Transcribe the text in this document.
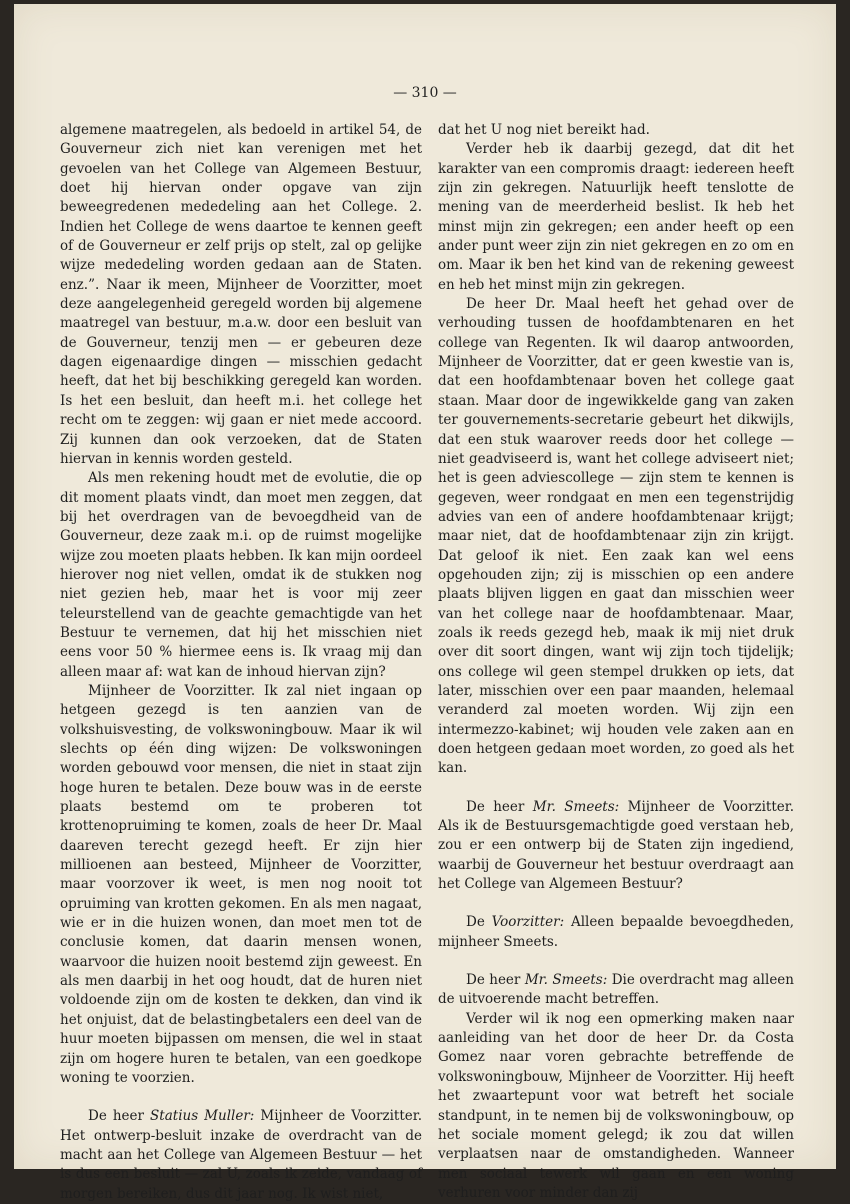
— 310 —

algemene maatregelen, als bedoeld in artikel 54, de Gouverneur zich niet kan verenigen met het gevoelen van het College van Algemeen Bestuur, doet hij hiervan onder opgave van zijn beweegredenen mededeling aan het College. 2. Indien het College de wens daartoe te kennen geeft of de Gouverneur er zelf prijs op stelt, zal op gelijke wijze mededeling worden gedaan aan de Staten. enz.”. Naar ik meen, Mijnheer de Voorzitter, moet deze aangelegenheid geregeld worden bij algemene maatregel van bestuur, m.a.w. door een besluit van de Gouverneur, tenzij men — er gebeuren deze dagen eigenaardige dingen — misschien gedacht heeft, dat het bij beschikking geregeld kan worden. Is het een besluit, dan heeft m.i. het college het recht om te zeggen: wij gaan er niet mede accoord. Zij kunnen dan ook verzoeken, dat de Staten hiervan in kennis worden gesteld.

Als men rekening houdt met de evolutie, die op dit moment plaats vindt, dan moet men zeggen, dat bij het overdragen van de bevoegdheid van de Gouverneur, deze zaak m.i. op de ruimst mogelijke wijze zou moeten plaats hebben. Ik kan mijn oordeel hierover nog niet vellen, omdat ik de stukken nog niet gezien heb, maar het is voor mij zeer teleurstellend van de geachte gemachtigde van het Bestuur te vernemen, dat hij het misschien niet eens voor 50 % hiermee eens is. Ik vraag mij dan alleen maar af: wat kan de inhoud hiervan zijn?

Mijnheer de Voorzitter. Ik zal niet ingaan op hetgeen gezegd is ten aanzien van de volkshuisvesting, de volkswoningbouw. Maar ik wil slechts op één ding wijzen: De volkswoningen worden gebouwd voor mensen, die niet in staat zijn hoge huren te betalen. Deze bouw was in de eerste plaats bestemd om te proberen tot krottenopruiming te komen, zoals de heer Dr. Maal daareven terecht gezegd heeft. Er zijn hier millioenen aan besteed, Mijnheer de Voorzitter, maar voorzover ik weet, is men nog nooit tot opruiming van krotten gekomen. En als men nagaat, wie er in die huizen wonen, dan moet men tot de conclusie komen, dat daarin mensen wonen, waarvoor die huizen nooit bestemd zijn geweest. En als men daarbij in het oog houdt, dat de huren niet voldoende zijn om de kosten te dekken, dan vind ik het onjuist, dat de belastingbetalers een deel van de huur moeten bijpassen om mensen, die wel in staat zijn om hogere huren te betalen, van een goedkope woning te voorzien.

De heer Statius Muller: Mijnheer de Voorzitter. Het ontwerp-besluit inzake de overdracht van de macht aan het College van Algemeen Bestuur — het is dus een besluit — zal U, zoals ik zeide, vandaag of morgen bereiken, dus dit jaar nog. Ik wist niet,

dat het U nog niet bereikt had.

Verder heb ik daarbij gezegd, dat dit het karakter van een compromis draagt: iedereen heeft zijn zin gekregen. Natuurlijk heeft tenslotte de mening van de meerderheid beslist. Ik heb het minst mijn zin gekregen; een ander heeft op een ander punt weer zijn zin niet gekregen en zo om en om. Maar ik ben het kind van de rekening geweest en heb het minst mijn zin gekregen.

De heer Dr. Maal heeft het gehad over de verhouding tussen de hoofdambtenaren en het college van Regenten. Ik wil daarop antwoorden, Mijnheer de Voorzitter, dat er geen kwestie van is, dat een hoofdambtenaar boven het college gaat staan. Maar door de ingewikkelde gang van zaken ter gouvernements-secretarie gebeurt het dikwijls, dat een stuk waarover reeds door het college — niet geadviseerd is, want het college adviseert niet; het is geen adviescollege — zijn stem te kennen is gegeven, weer rondgaat en men een tegenstrijdig advies van een of andere hoofdambtenaar krijgt; maar niet, dat de hoofdambtenaar zijn zin krijgt. Dat geloof ik niet. Een zaak kan wel eens opgehouden zijn; zij is misschien op een andere plaats blijven liggen en gaat dan misschien weer van het college naar de hoofdambtenaar. Maar, zoals ik reeds gezegd heb, maak ik mij niet druk over dit soort dingen, want wij zijn toch tijdelijk; ons college wil geen stempel drukken op iets, dat later, misschien over een paar maanden, helemaal veranderd zal moeten worden. Wij zijn een intermezzo-kabinet; wij houden vele zaken aan en doen hetgeen gedaan moet worden, zo goed als het kan.

De heer Mr. Smeets: Mijnheer de Voorzitter. Als ik de Bestuursgemachtigde goed verstaan heb, zou er een ontwerp bij de Staten zijn ingediend, waarbij de Gouverneur het bestuur overdraagt aan het College van Algemeen Bestuur?

De Voorzitter: Alleen bepaalde bevoegdheden, mijnheer Smeets.

De heer Mr. Smeets: Die overdracht mag alleen de uitvoerende macht betreffen.

Verder wil ik nog een opmerking maken naar aanleiding van het door de heer Dr. da Costa Gomez naar voren gebrachte betreffende de volkswoningbouw, Mijnheer de Voorzitter. Hij heeft het zwaartepunt voor wat betreft het sociale standpunt, in te nemen bij de volkswoningbouw, op het sociale moment gelegd; ik zou dat willen verplaatsen naar de omstandigheden. Wanneer men sociaal tewerk wil gaan en een woning verhuren voor minder dan zij
